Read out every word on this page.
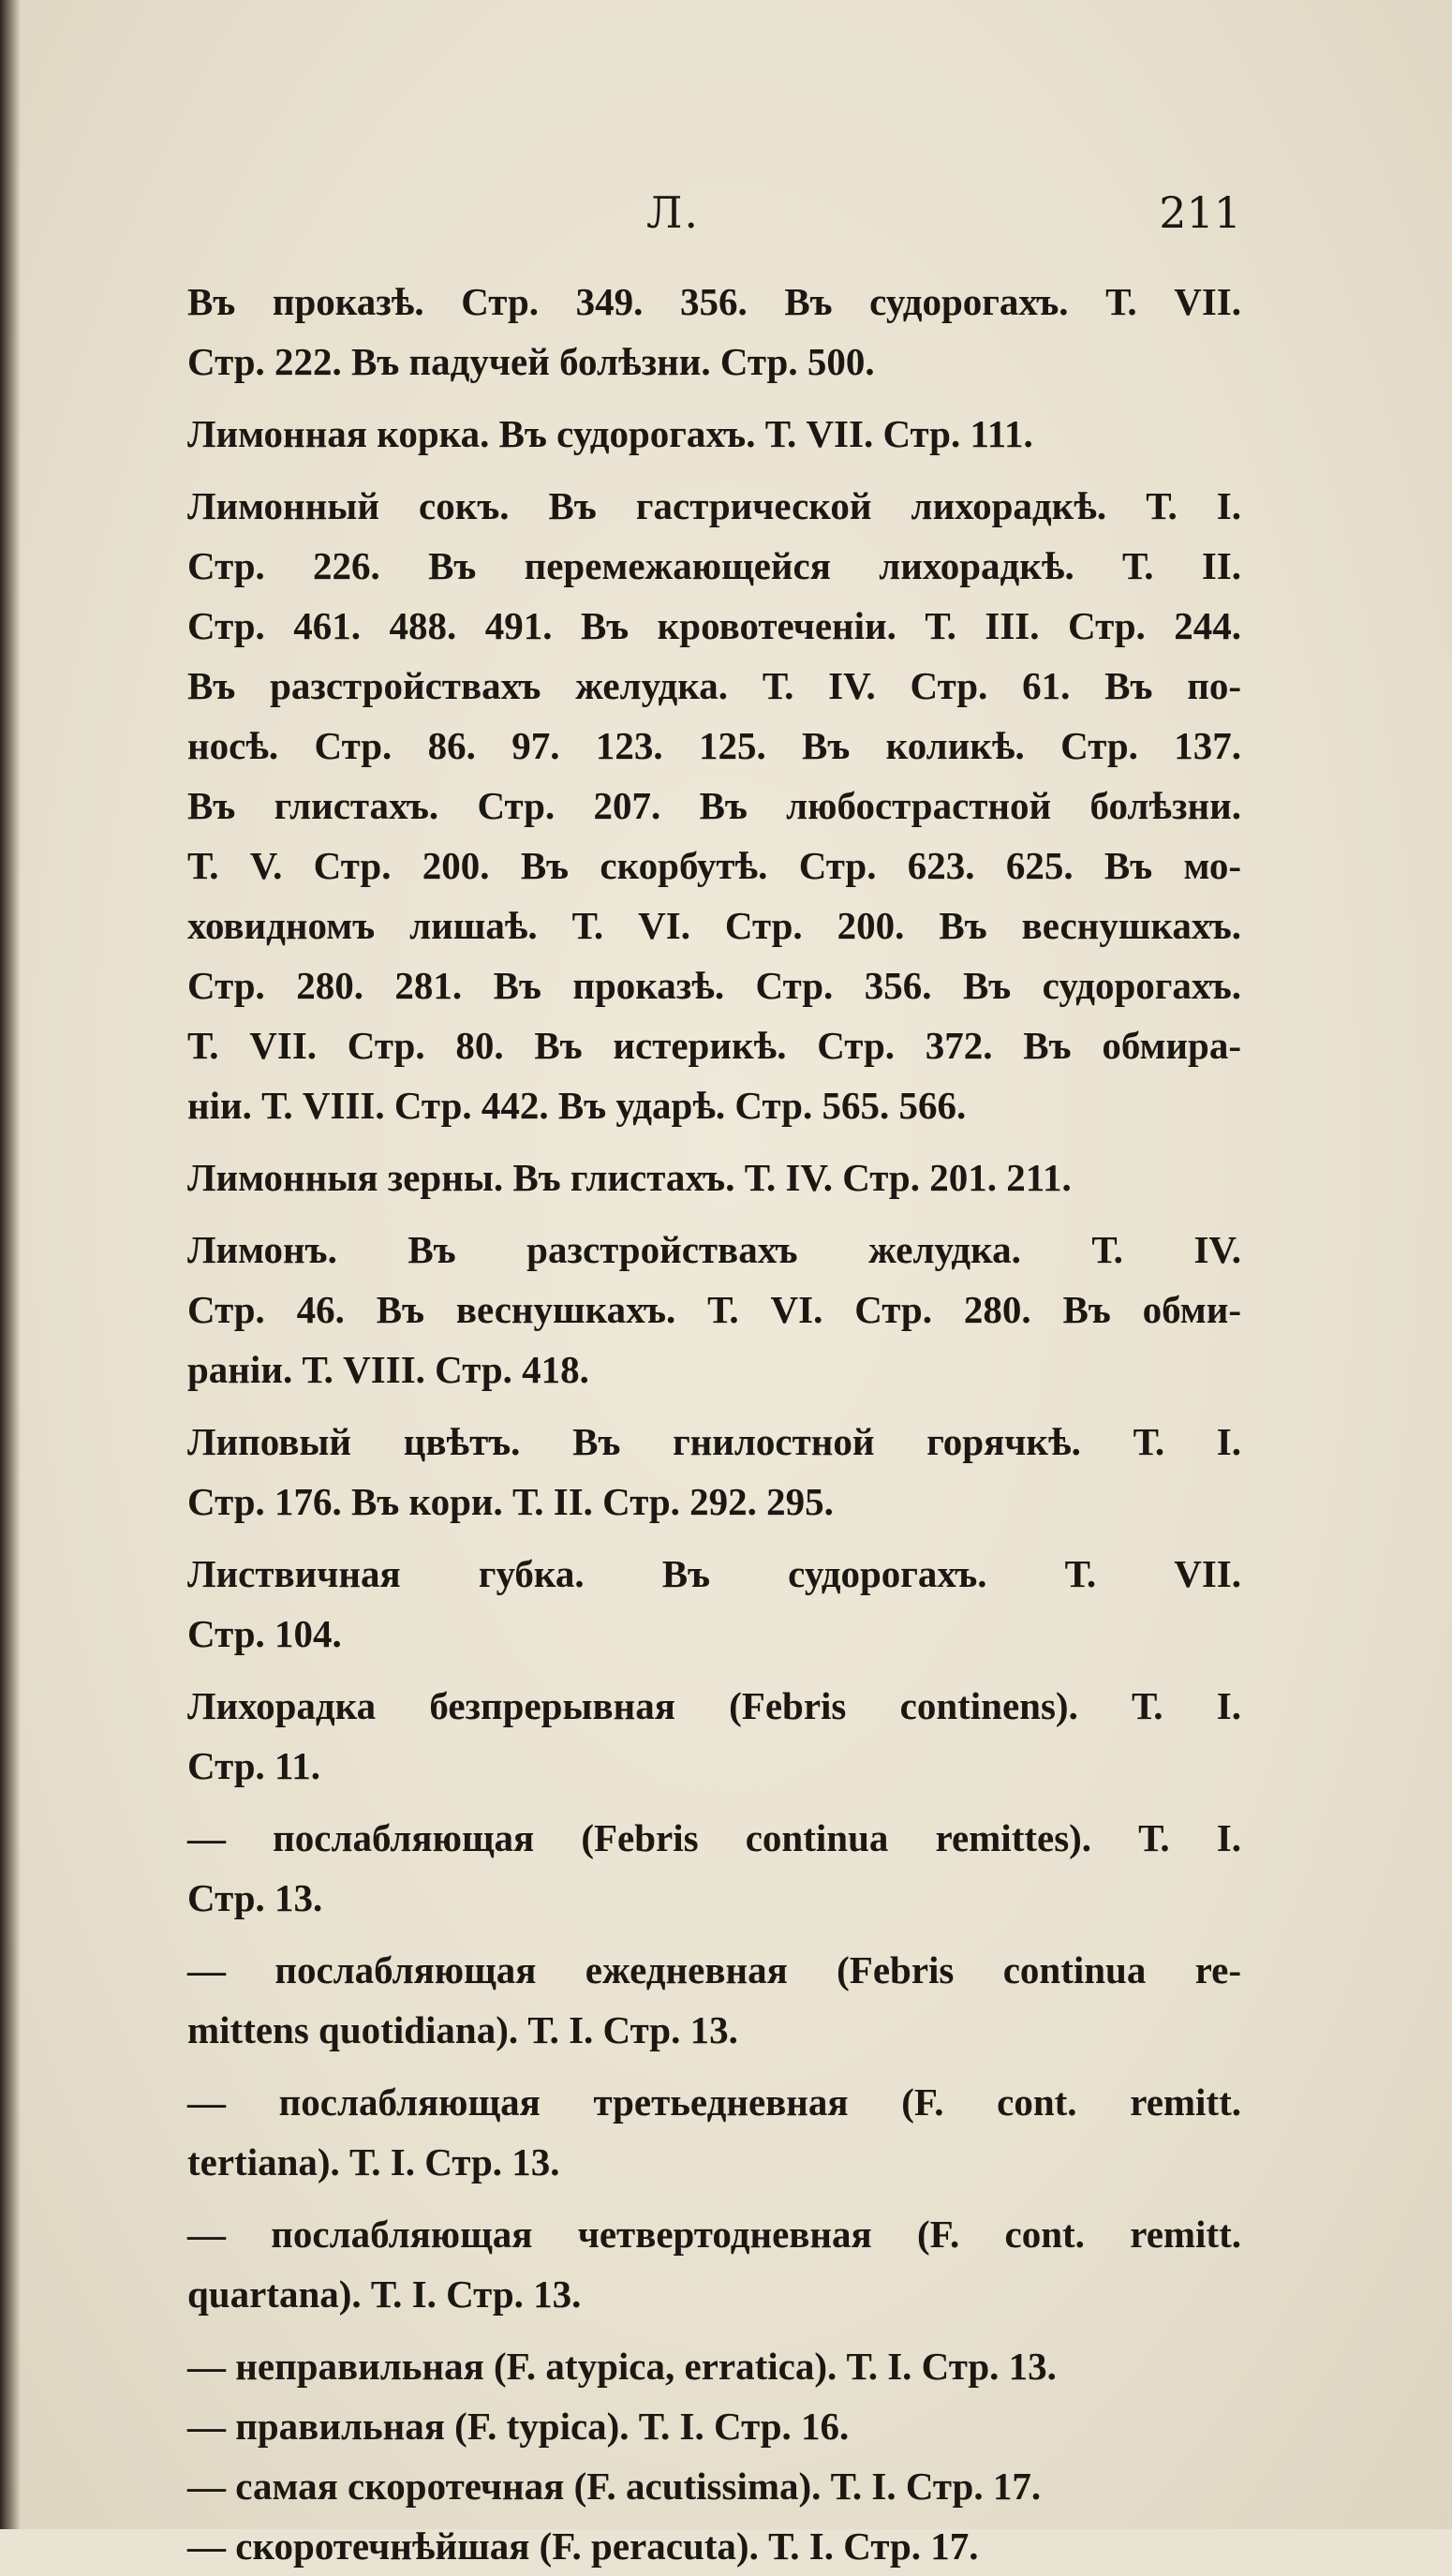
Л.	211
Въ проказѣ. Стр. 349. 356. Въ судорогахъ. Т. VII.
Стр. 222. Въ падучей болѣзни. Стр. 500.
Лимонная корка. Въ судорогахъ. Т. VII. Стр. 111.
Лимонный сокъ. Въ гастрической лихорадкѣ. Т. I.
Стр. 226. Въ перемежающейся лихорадкѣ. Т. II.
Стр. 461. 488. 491. Въ кровотеченіи. Т. III. Стр. 244.
Въ разстройствахъ желудка. Т. IV. Стр. 61. Въ по-
носѣ. Стр. 86. 97. 123. 125. Въ коликѣ. Стр. 137.
Въ глистахъ. Стр. 207. Въ любострастной болѣзни.
Т. V. Стр. 200. Въ скорбутѣ. Стр. 623. 625. Въ мо-
ховидномъ лишаѣ. Т. VI. Стр. 200. Въ веснушкахъ.
Стр. 280. 281. Въ проказѣ. Стр. 356. Въ судорогахъ.
Т. VII. Стр. 80. Въ истерикѣ. Стр. 372. Въ обмира-
ніи. Т. VIII. Стр. 442. Въ ударѣ. Стр. 565. 566.
Лимонныя зерны. Въ глистахъ. Т. IV. Стр. 201. 211.
Лимонъ. Въ разстройствахъ желудка. Т. IV.
Стр. 46. Въ веснушкахъ. Т. VI. Стр. 280. Въ обми-
раніи. Т. VIII. Стр. 418.
Липовый цвѣтъ. Въ гнилостной горячкѣ. Т. I.
Стр. 176. Въ кори. Т. II. Стр. 292. 295.
Листвичная губка. Въ судорогахъ. Т. VII.
Стр. 104.
Лихорадка безпрерывная (Febris continens). Т. I.
Стр. 11.
— послабляющая (Febris continua remittes). Т. I.
Стр. 13.
— послабляющая ежедневная (Febris continua re-
mittens quotidiana). Т. I. Стр. 13.
— послабляющая третьедневная (F. cont. remitt.
tertiana). Т. I. Стр. 13.
— послабляющая четвертодневная (F. cont. remitt.
quartana). Т. I. Стр. 13.
— неправильная (F. atypica, erratica). Т. I. Стр. 13.
— правильная (F. typica). Т. I. Стр. 16.
— самая скоротечная (F. acutissima). Т. I. Стр. 17.
— скоротечнѣйшая (F. peracuta). Т. I. Стр. 17.
